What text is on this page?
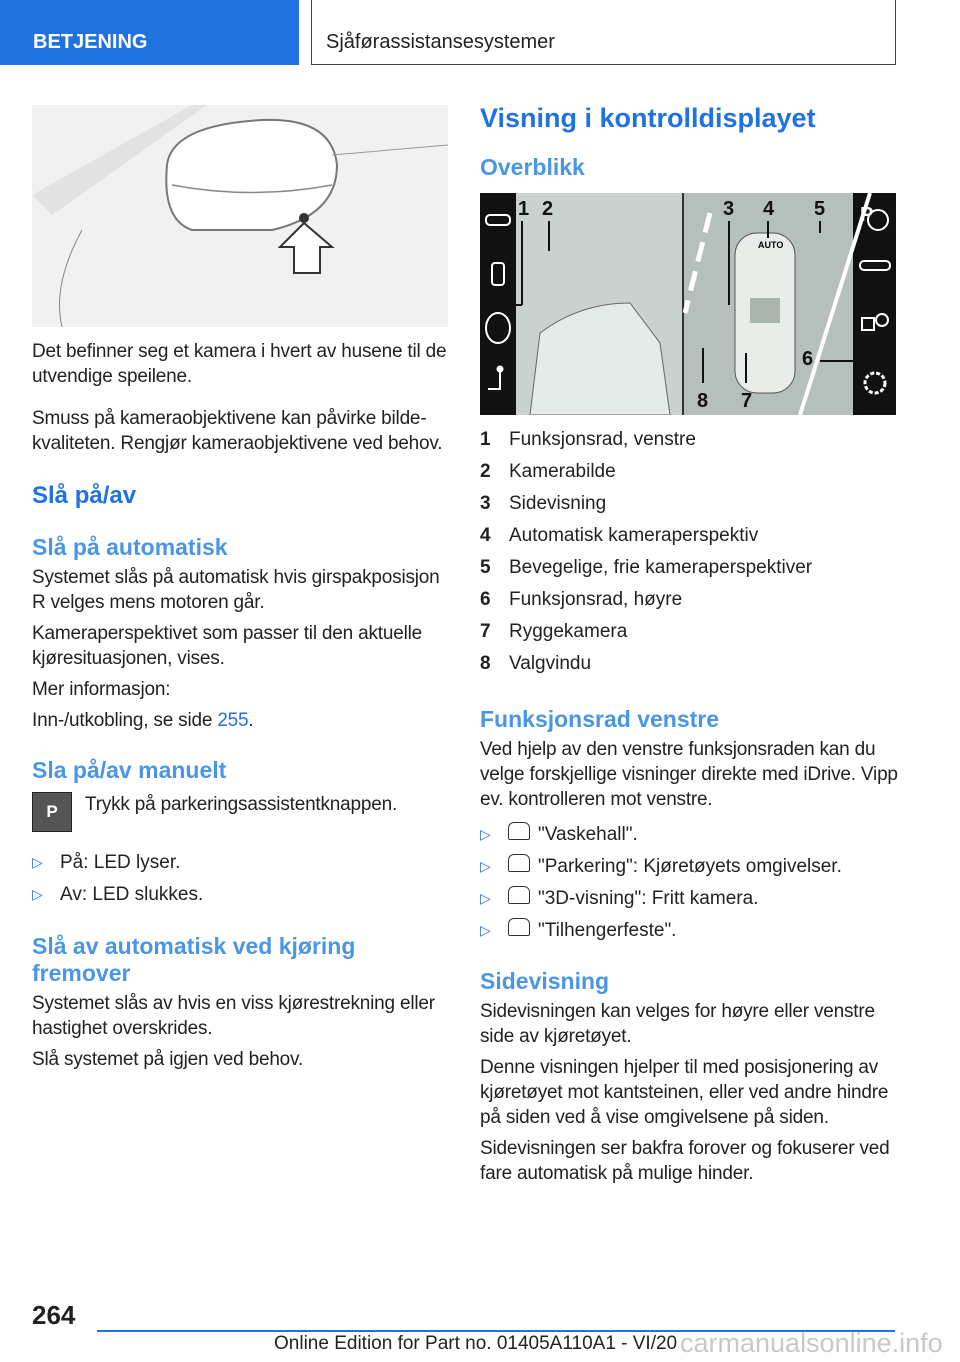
BETJENING	Sjåførassistansesystemer

Det befinner seg et kamera i hvert av husene til de utvendige speilene.

Smuss på kameraobjektivene kan påvirke bildekvaliteten. Rengjør kameraobjektivene ved behov.

Slå på/av
Slå på automatisk

Systemet slås på automatisk hvis girspakposisjon R velges mens motoren går.

Kameraperspektivet som passer til den aktuelle kjøresituasjonen, vises.

Mer informasjon:

Inn-/utkobling, se side 255.

Sla på/av manuelt
P	Trykk på parkeringsassistentknappen.

▷ På: LED lyser.
▷ Av: LED slukkes.
Slå av automatisk ved kjøring fremover

Systemet slås av hvis en viss kjørestrekning eller hastighet overskrides.

Slå systemet på igjen ved behov.

Visning i kontrolldisplayet
Overblikk
P
AUTO
1 2	3 4 5
6
7
8
1 Funksjonsrad, venstre
2 Kamerabilde
3 Sidevisning
4 Automatisk kameraperspektiv
5 Bevegelige, frie kameraperspektiver
6 Funksjonsrad, høyre
7 Ryggekamera
8 Valgvindu
Funksjonsrad venstre

Ved hjelp av den venstre funksjonsraden kan du velge forskjellige visninger direkte med iDrive. Vipp ev. kontrolleren mot venstre.

▷	"Vaskehall".
▷	"Parkering": Kjøretøyets omgivelser.
▷	"3D-visning": Fritt kamera.
▷	"Tilhengerfeste".
Sidevisning

Sidevisningen kan velges for høyre eller venstre side av kjøretøyet.

Denne visningen hjelper til med posisjonering av kjøretøyet mot kantsteinen, eller ved andre hindre på siden ved å vise omgivelsene på siden.

Sidevisningen ser bakfra forover og fokuserer ved fare automatisk på mulige hinder.

264
Online Edition for Part no. 01405A110A1 - VI/20 carmanualsonline.info
